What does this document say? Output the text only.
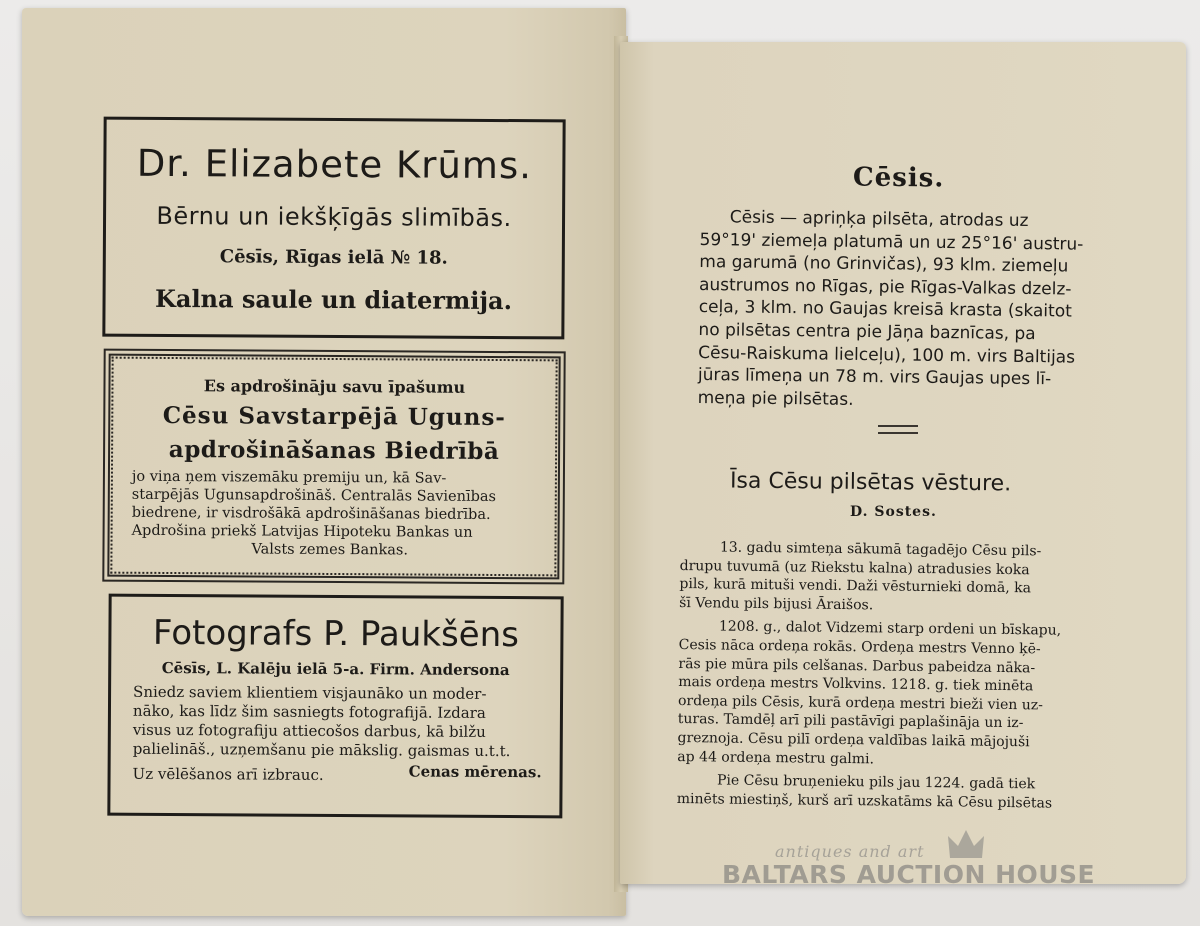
Dr. Elizabete Krūms.
Bērnu un iekšķīgās slimībās.
Cēsīs, Rīgas ielā № 18.
Kalna saule un diatermija.
Es apdrošināju savu īpašumu
Cēsu Savstarpējā Uguns-
apdrošināšanas Biedrībā
jo viņa ņem viszemāku premiju un, kā Sav-
starpējās Ugunsapdrošināš. Centralās Savienības
biedrene, ir visdrošākā apdrošināšanas biedrība.
Apdrošina priekš Latvijas Hipoteku Bankas un
Valsts zemes Bankas.
Fotografs P. Paukšēns
Cēsīs, L. Kalēju ielā 5-a. Firm. Andersona
Sniedz saviem klientiem visjaunāko un moder-
nāko, kas līdz šim sasniegts fotografijā. Izdara
visus uz fotografiju attiecošos darbus, kā bilžu
palielināš., uzņemšanu pie mākslig. gaismas u.t.t.
Uz vēlēšanos arī izbrauc.	Cenas mērenas.
Cēsis.
Cēsis — apriņķa pilsēta, atrodas uz
59°19' ziemeļa platumā un uz 25°16' austru-
ma garumā (no Grinvičas), 93 klm. ziemeļu
austrumos no Rīgas, pie Rīgas-Valkas dzelz-
ceļa, 3 klm. no Gaujas kreisā krasta (skaitot
no pilsētas centra pie Jāņa baznīcas, pa
Cēsu-Raiskuma lielceļu), 100 m. virs Baltijas
jūras līmeņa un 78 m. virs Gaujas upes lī-
meņa pie pilsētas.
Īsa Cēsu pilsētas vēsture.
D. Sostes.
13. gadu simteņa sākumā tagadējo Cēsu pils-
drupu tuvumā (uz Riekstu kalna) atradusies koka
pils, kurā mituši vendi. Daži vēsturnieki domā, ka
šī Vendu pils bijusi Āraišos.
1208. g., dalot Vidzemi starp ordeni un bīskapu,
Cesis nāca ordeņa rokās. Ordeņa mestrs Venno ķē-
rās pie mūra pils celšanas. Darbus pabeidza nāka-
mais ordeņa mestrs Volkvins. 1218. g. tiek minēta
ordeņa pils Cēsis, kurā ordeņa mestri bieži vien uz-
turas. Tamdēļ arī pili pastāvīgi paplašināja un iz-
greznoja. Cēsu pilī ordeņa valdības laikā mājojuši
ap 44 ordeņa mestru galmi.
Pie Cēsu bruņenieku pils jau 1224. gadā tiek
minēts miestiņš, kurš arī uzskatāms kā Cēsu pilsētas
antiques and art
BALTARS AUCTION HOUSE
